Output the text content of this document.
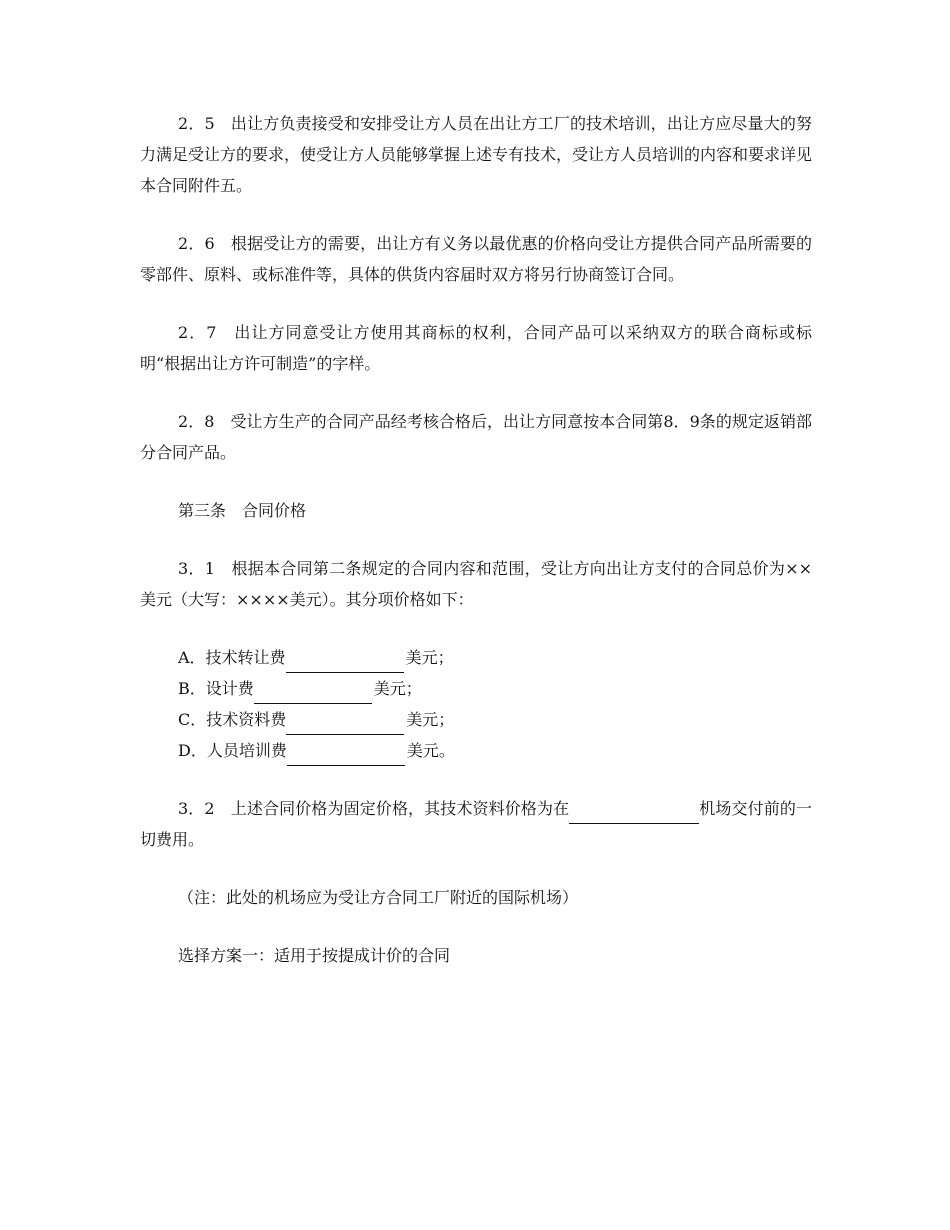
2．5　出让方负责接受和安排受让方人员在出让方工厂的技术培训，出让方应尽量大的努力满足受让方的要求，使受让方人员能够掌握上述专有技术，受让方人员培训的内容和要求详见本合同附件五。

2．6　根据受让方的需要，出让方有义务以最优惠的价格向受让方提供合同产品所需要的零部件、原料、或标准件等，具体的供货内容届时双方将另行协商签订合同。

2．7　出让方同意受让方使用其商标的权利，合同产品可以采纳双方的联合商标或标明“根据出让方许可制造”的字样。

2．8　受让方生产的合同产品经考核合格后，出让方同意按本合同第8．9条的规定返销部分合同产品。

第三条　合同价格

3．1　根据本合同第二条规定的合同内容和范围，受让方向出让方支付的合同总价为××美元（大写：××××美元）。其分项价格如下：

A．技术转让费	美元；
B．设计费	美元；
C．技术资料费	美元；
D．人员培训费	美元。

3．2　上述合同价格为固定价格，其技术资料价格为在	机场交付前的一切费用。

（注：此处的机场应为受让方合同工厂附近的国际机场）

选择方案一：适用于按提成计价的合同
